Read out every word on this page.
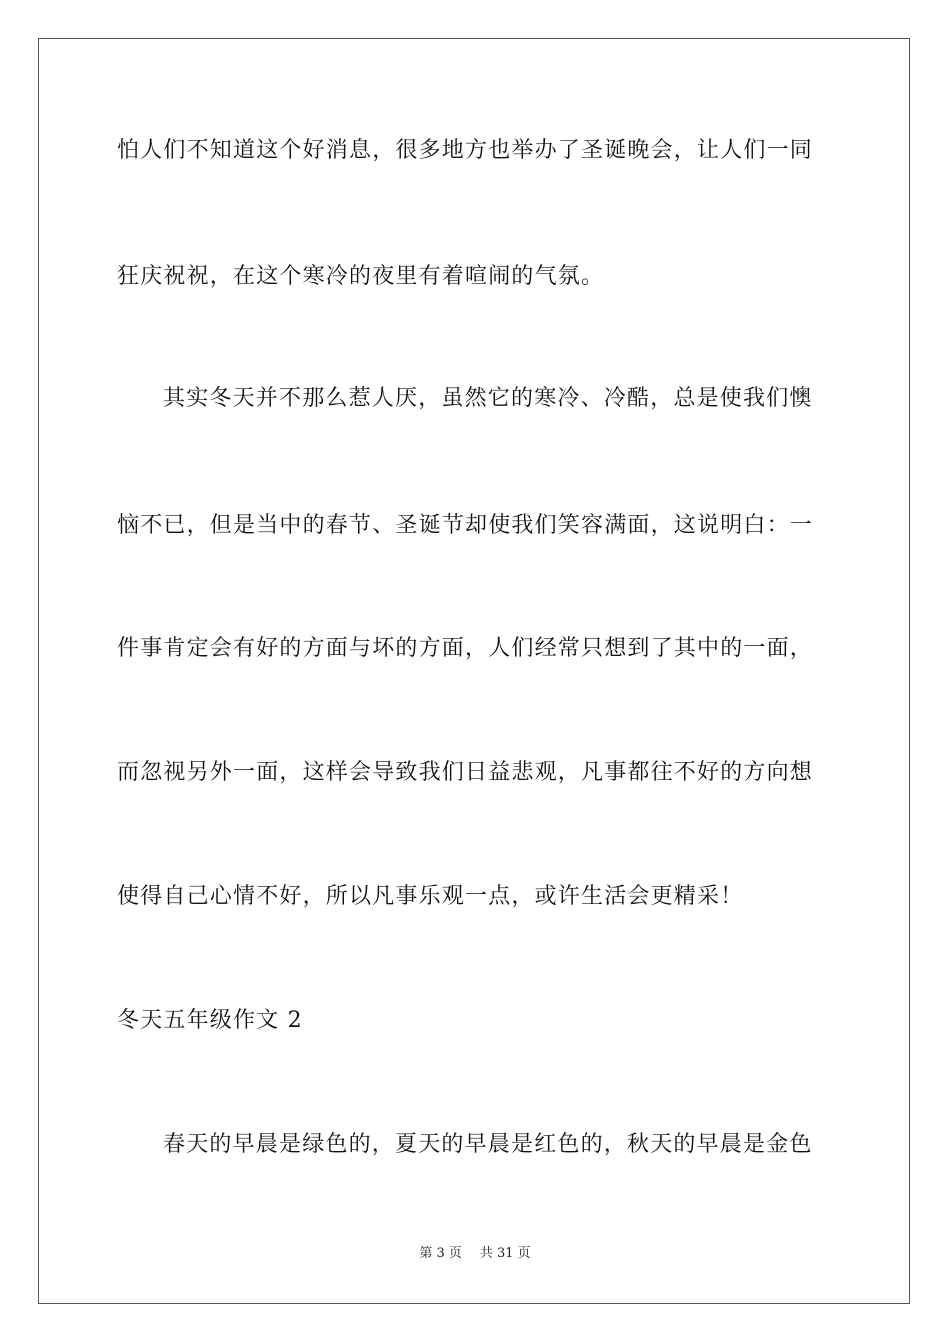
怕人们不知道这个好消息，很多地方也举办了圣诞晚会，让人们一同
狂庆祝祝，在这个寒冷的夜里有着喧闹的气氛。
其实冬天并不那么惹人厌，虽然它的寒冷、冷酷，总是使我们懊
恼不已，但是当中的春节、圣诞节却使我们笑容满面，这说明白：一
件事肯定会有好的方面与坏的方面，人们经常只想到了其中的一面，
而忽视另外一面，这样会导致我们日益悲观，凡事都往不好的方向想
使得自己心情不好，所以凡事乐观一点，或许生活会更精采！
冬天五年级作文 2
春天的早晨是绿色的，夏天的早晨是红色的，秋天的早晨是金色
第 3 页 共 31 页
